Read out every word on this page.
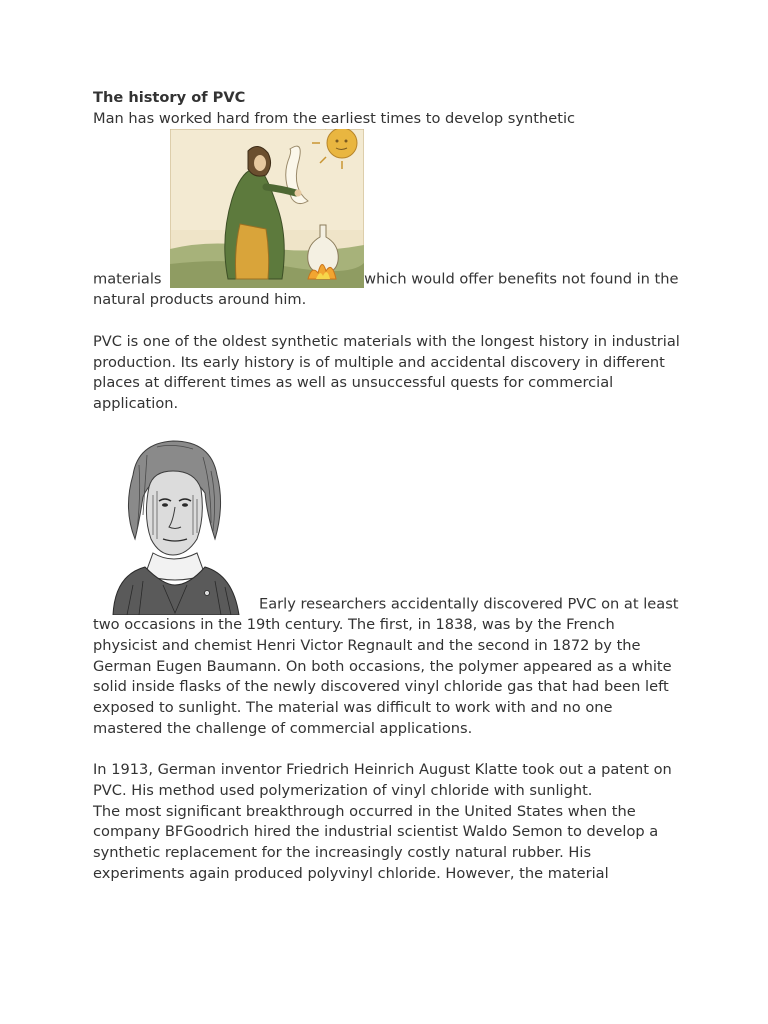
The history of PVC

Man has worked hard from the earliest times to develop synthetic

materials	which would offer benefits not found in the natural products around him.

PVC is one of the oldest synthetic materials with the longest history in industrial production. Its early history is of multiple and accidental discovery in different places at different times as well as unsuccessful quests for commercial application.

Early researchers accidentally discovered PVC on at least two occasions in the 19th century. The first, in 1838, was by the French physicist and chemist Henri Victor Regnault and the second in 1872 by the German Eugen Baumann. On both occasions, the polymer appeared as a white solid inside flasks of the newly discovered vinyl chloride gas that had been left exposed to sunlight. The material was difficult to work with and no one mastered the challenge of commercial applications.

In 1913, German inventor Friedrich Heinrich August Klatte took out a patent on PVC. His method used polymerization of vinyl chloride with sunlight.

The most significant breakthrough occurred in the United States when the company BFGoodrich hired the industrial scientist Waldo Semon to develop a synthetic replacement for the increasingly costly natural rubber. His experiments again produced polyvinyl chloride. However, the material
